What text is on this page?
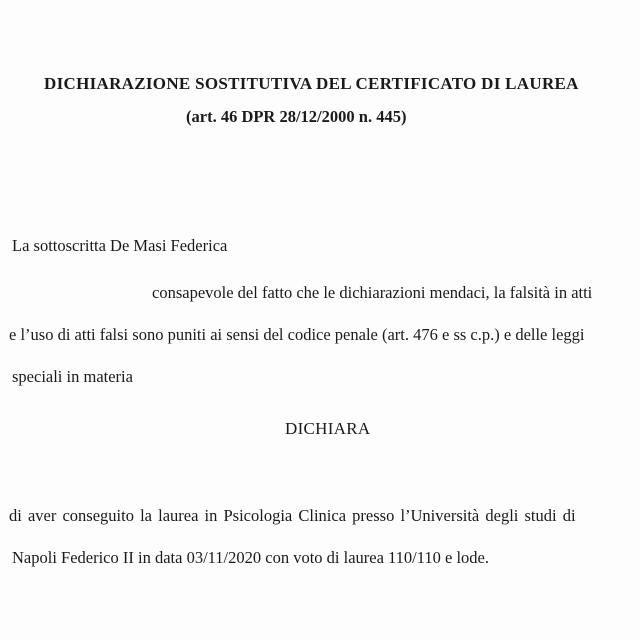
DICHIARAZIONE SOSTITUTIVA DEL CERTIFICATO DI LAUREA
(art. 46 DPR 28/12/2000 n. 445)
La sottoscritta De Masi Federica
consapevole del fatto che le dichiarazioni mendaci, la falsità in atti
e l’uso di atti falsi sono puniti ai sensi del codice penale (art. 476 e ss c.p.) e delle leggi
speciali in materia
DICHIARA
di aver conseguito la laurea in Psicologia Clinica presso l’Università degli studi di
Napoli Federico II in data 03/11/2020 con voto di laurea 110/110 e lode.
